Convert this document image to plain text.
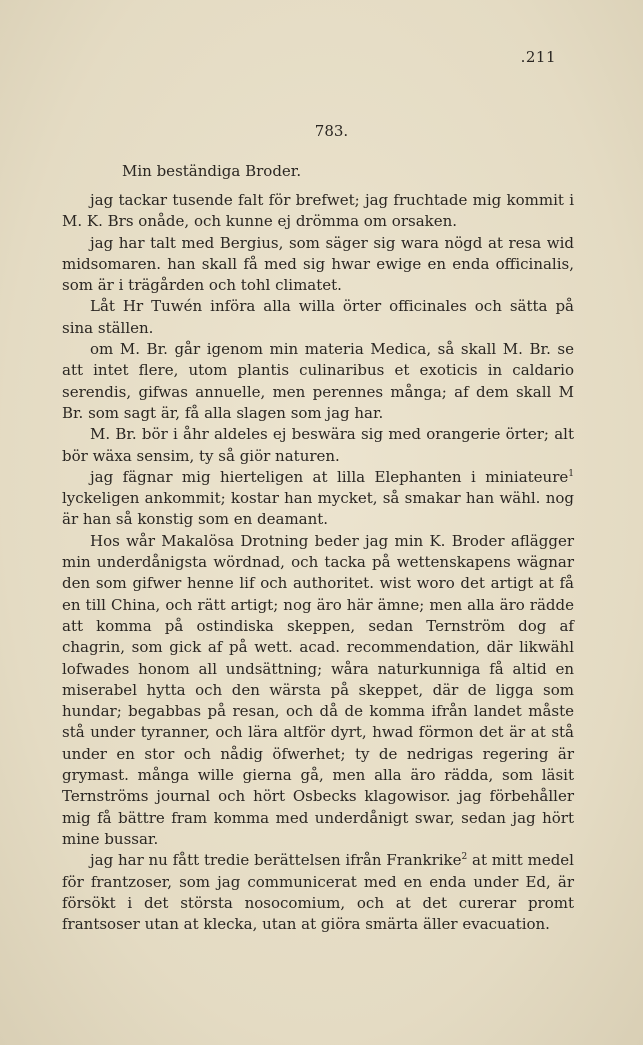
.211
783.
Min beständiga Broder.

jag tackar tusende falt för brefwet; jag fruchtade mig kommit i M. K. Brs onåde, och kunne ej drömma om orsaken.

jag har talt med Bergius, som säger sig wara nögd at resa wid midsomaren. han skall få med sig hwar ewige en enda officinalis, som är i trägården och tohl climatet.

Låt Hr Tuwén införa alla willa örter officinales och sätta på sina ställen.

om M. Br. går igenom min materia Medica, så skall M. Br. se att intet flere, utom plantis culinaribus et exoticis in caldario serendis, gifwas annuelle, men perennes många; af dem skall M Br. som sagt är, få alla slagen som jag har.

M. Br. bör i åhr aldeles ej beswära sig med orangerie örter; alt bör wäxa sensim, ty så giör naturen.

jag fägnar mig hierteligen at lilla Elephanten i miniateure$^1$ lyckeligen ankommit; kostar han mycket, så smakar han wähl. nog är han så konstig som en deamant.

Hos wår Makalösa Drotning beder jag min K. Broder aflägger min underdånigsta wördnad, och tacka på wettenskapens wägnar den som gifwer henne lif och authoritet. wist woro det artigt at få en till China, och rätt artigt; nog äro här ämne; men alla äro rädde att komma på ostindiska skeppen, sedan Ternström dog af chagrin, som gick af på wett. acad. recommendation, där likwähl lofwades honom all undsättning; wåra naturkunniga få altid en miserabel hytta och den wärsta på skeppet, där de ligga som hundar; begabbas på resan, och då de komma ifrån landet måste stå under tyranner, och lära altför dyrt, hwad förmon det är at stå under en stor och nådig öfwerhet; ty de nedrigas regering är grymast. många wille gierna gå, men alla äro rädda, som läsit Ternströms journal och hört Osbecks klagowisor. jag förbehåller mig få bättre fram komma med underdånigt swar, sedan jag hört mine bussar.

jag har nu fått tredie berättelsen ifrån Frankrike$^2$ at mitt medel för frantzoser, som jag communicerat med en enda under Ed, är försökt i det största nosocomium, och at det curerar promt frantsoser utan at klecka, utan at giöra smärta äller evacuation.
